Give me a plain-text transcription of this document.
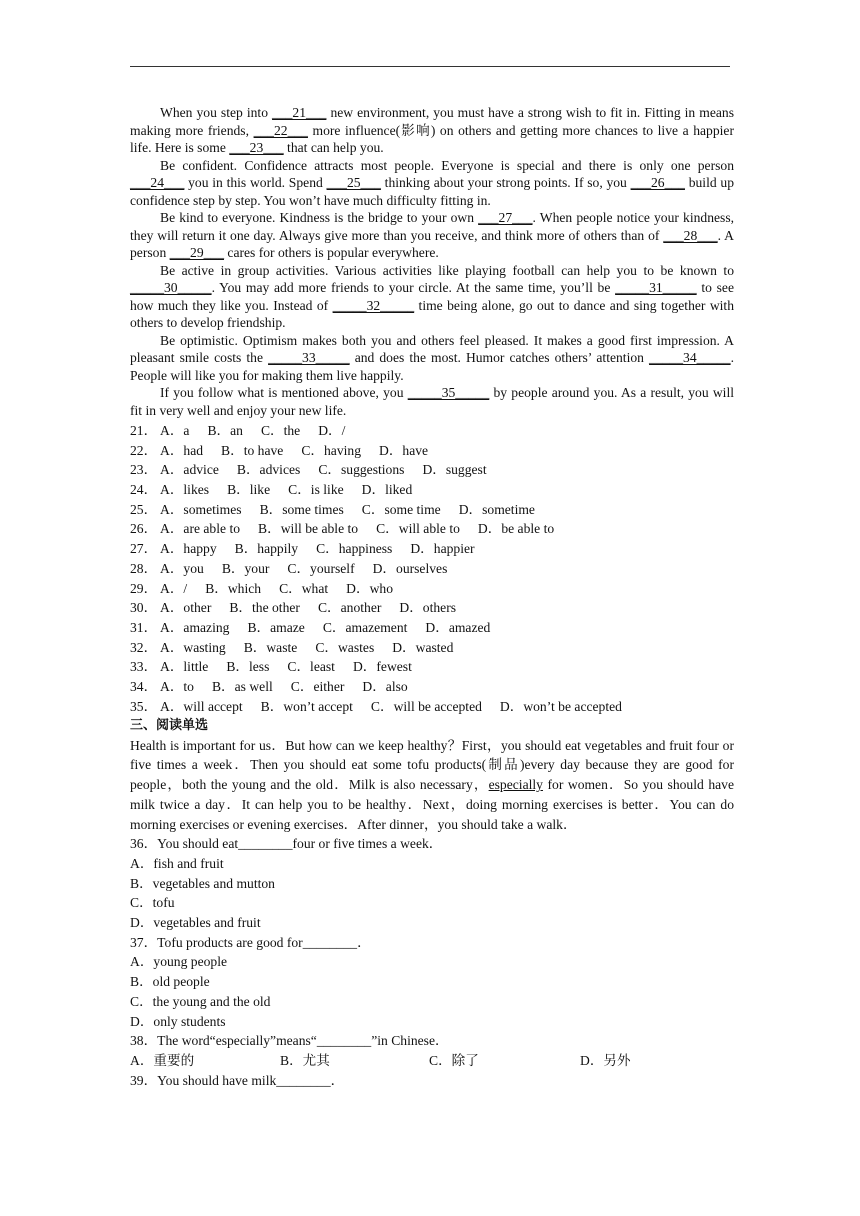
When you step into ___21___ new environment, you must have a strong wish to fit in. Fitting in means making more friends, ___22___ more influence(影响) on others and getting more chances to live a happier life. Here is some ___23___ that can help you.

Be confident. Confidence attracts most people. Everyone is special and there is only one person ___24___ you in this world. Spend ___25___ thinking about your strong points. If so, you ___26___ build up confidence step by step. You won’t have much difficulty fitting in.

Be kind to everyone. Kindness is the bridge to your own ___27___. When people notice your kindness, they will return it one day. Always give more than you receive, and think more of others than of ___28___. A person ___29___ cares for others is popular everywhere.

Be active in group activities. Various activities like playing football can help you to be known to _____30_____. You may add more friends to your circle. At the same time, you’ll be _____31_____ to see how much they like you. Instead of _____32_____ time being alone, go out to dance and sing together with others to develop friendship.

Be optimistic. Optimism makes both you and others feel pleased. It makes a good first impression. A pleasant smile costs the _____33_____ and does the most. Humor catches others’ attention _____34_____. People will like you for making them live happily.

If you follow what is mentioned above, you _____35_____ by people around you. As a result, you will fit in very well and enjoy your new life.

21． A．a B．an C．the D．/
22． A．had B．to have C．having D．have
23． A．advice B．advices C．suggestions D．suggest
24． A．likes B．like C．is like D．liked
25． A．sometimes B．some times C．some time D．sometime
26． A．are able to B．will be able to C．will able to D．be able to
27． A．happy B．happily C．happiness D．happier
28． A．you B．your C．yourself D．ourselves
29． A．/ B．which C．what D．who
30． A．other B．the other C．another D．others
31． A．amazing B．amaze C．amazement D．amazed
32． A．wasting B．waste C．wastes D．wasted
33． A．little B．less C．least D．fewest
34． A．to B．as well C．either D．also
35． A．will accept B．won’t accept C．will be accepted D．won’t be accepted
三、阅读单选

Health is important for us．But how can we keep healthy？First，you should eat vegetables and fruit four or five times a week．Then you should eat some tofu products(制品)every day because they are good for people，both the young and the old．Milk is also necessary，especially for women．So you should have milk twice a day．It can help you to be healthy．Next，doing morning exercises is better．You can do morning exercises or evening exercises．After dinner，you should take a walk．

36．You should eat________four or five times a week．
A．fish and fruit
B．vegetables and mutton
C．tofu
D．vegetables and fruit
37．Tofu products are good for________．
A．young people
B．old people
C．the young and the old
D．only students
38．The word“especially”means“________”in Chinese．
A．重要的	B．尤其	C．除了	D．另外
39．You should have milk________．
